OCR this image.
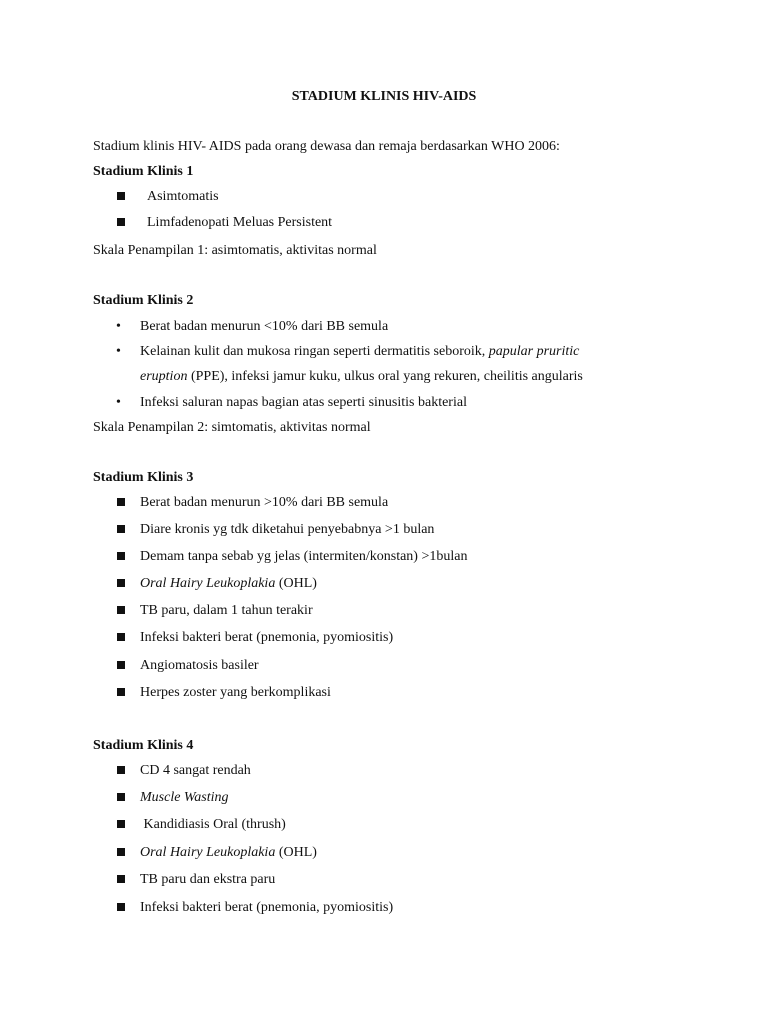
STADIUM KLINIS HIV-AIDS
Stadium klinis HIV- AIDS pada orang dewasa dan remaja berdasarkan WHO 2006:
Stadium Klinis 1
Asimtomatis
Limfadenopati Meluas Persistent
Skala Penampilan 1: asimtomatis, aktivitas normal
Stadium Klinis 2
• Berat badan menurun <10% dari BB semula
• Kelainan kulit dan mukosa ringan seperti dermatitis seboroik, papular pruritic
eruption (PPE), infeksi jamur kuku, ulkus oral yang rekuren, cheilitis angularis
• Infeksi saluran napas bagian atas seperti sinusitis bakterial
Skala Penampilan 2: simtomatis, aktivitas normal
Stadium Klinis 3
Berat badan menurun >10% dari BB semula
Diare kronis yg tdk diketahui penyebabnya >1 bulan
Demam tanpa sebab yg jelas (intermiten/konstan) >1bulan
Oral Hairy Leukoplakia (OHL)
TB paru, dalam 1 tahun terakir
Infeksi bakteri berat (pnemonia, pyomiositis)
Angiomatosis basiler
Herpes zoster yang berkomplikasi
Stadium Klinis 4
CD 4 sangat rendah
Muscle Wasting
Kandidiasis Oral (thrush)
Oral Hairy Leukoplakia (OHL)
TB paru dan ekstra paru
Infeksi bakteri berat (pnemonia, pyomiositis)
